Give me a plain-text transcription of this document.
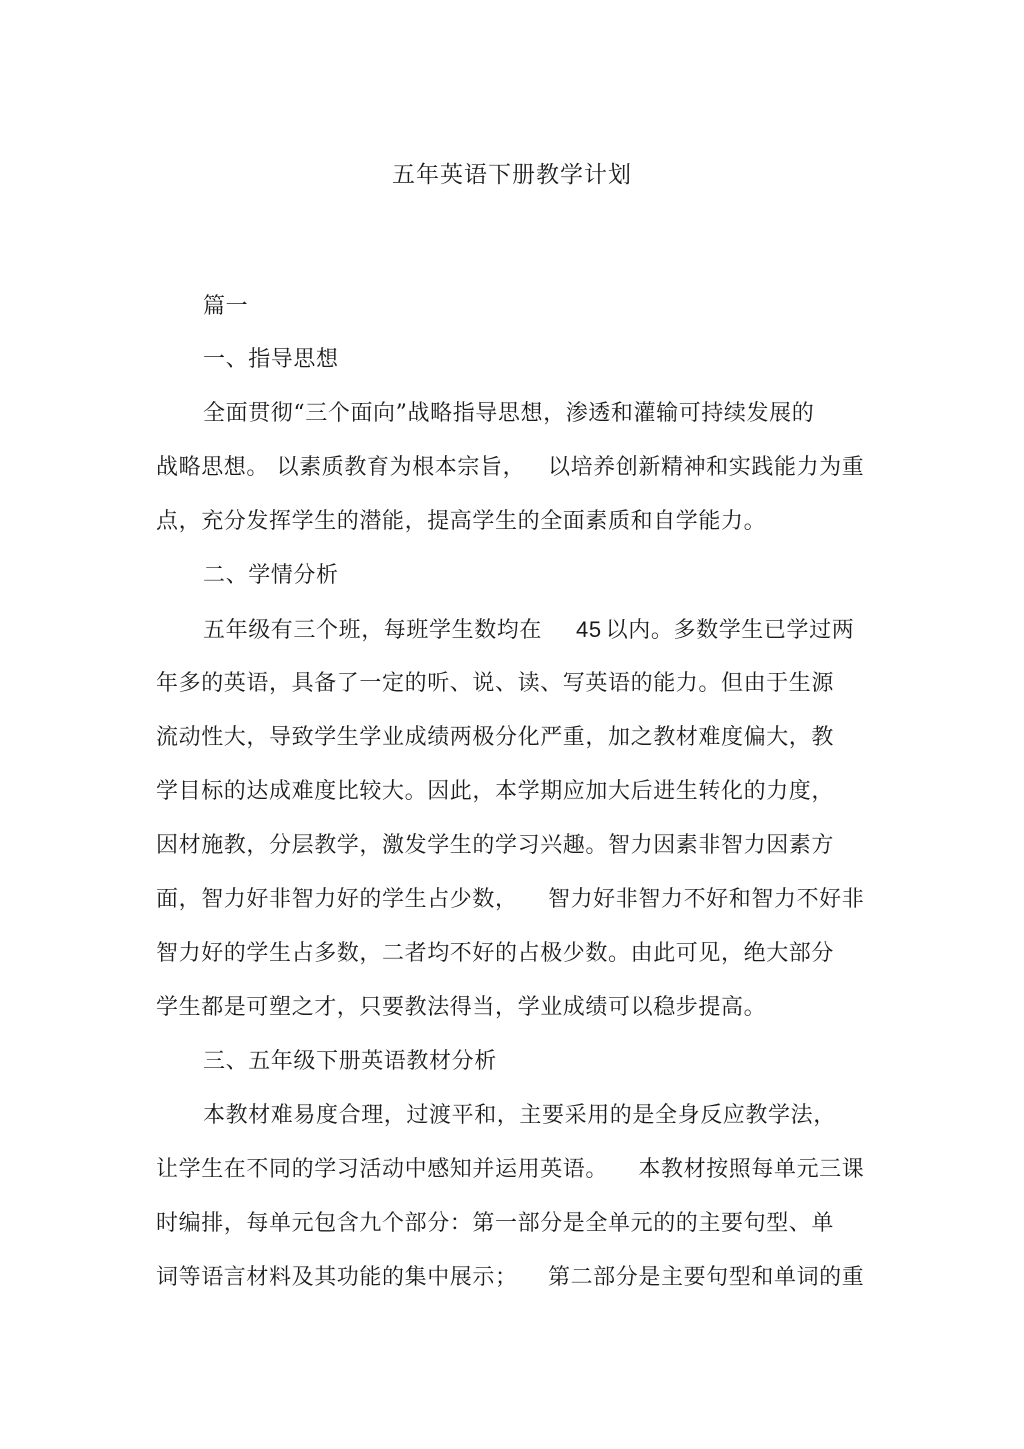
五年英语下册教学计划
篇一
一、指导思想
全面贯彻“三个面向”战略指导思想，渗透和灌输可持续发展的
战略思想。 以素质教育为根本宗旨，   以培养创新精神和实践能力为重
点，充分发挥学生的潜能，提高学生的全面素质和自学能力。
二、学情分析
五年级有三个班，每班学生数均在 45 以内。多数学生已学过两
年多的英语，具备了一定的听、说、读、写英语的能力。但由于生源
流动性大，导致学生学业成绩两极分化严重，加之教材难度偏大，教
学目标的达成难度比较大。因此，本学期应加大后进生转化的力度，
因材施教，分层教学，激发学生的学习兴趣。智力因素非智力因素方
面，智力好非智力好的学生占少数，    智力好非智力不好和智力不好非
智力好的学生占多数，二者均不好的占极少数。由此可见，绝大部分
学生都是可塑之才，只要教法得当，学业成绩可以稳步提高。
三、五年级下册英语教材分析
本教材难易度合理，过渡平和，主要采用的是全身反应教学法，
让学生在不同的学习活动中感知并运用英语。    本教材按照每单元三课
时编排，每单元包含九个部分：第一部分是全单元的的主要句型、单
词等语言材料及其功能的集中展示；    第二部分是主要句型和单词的重
